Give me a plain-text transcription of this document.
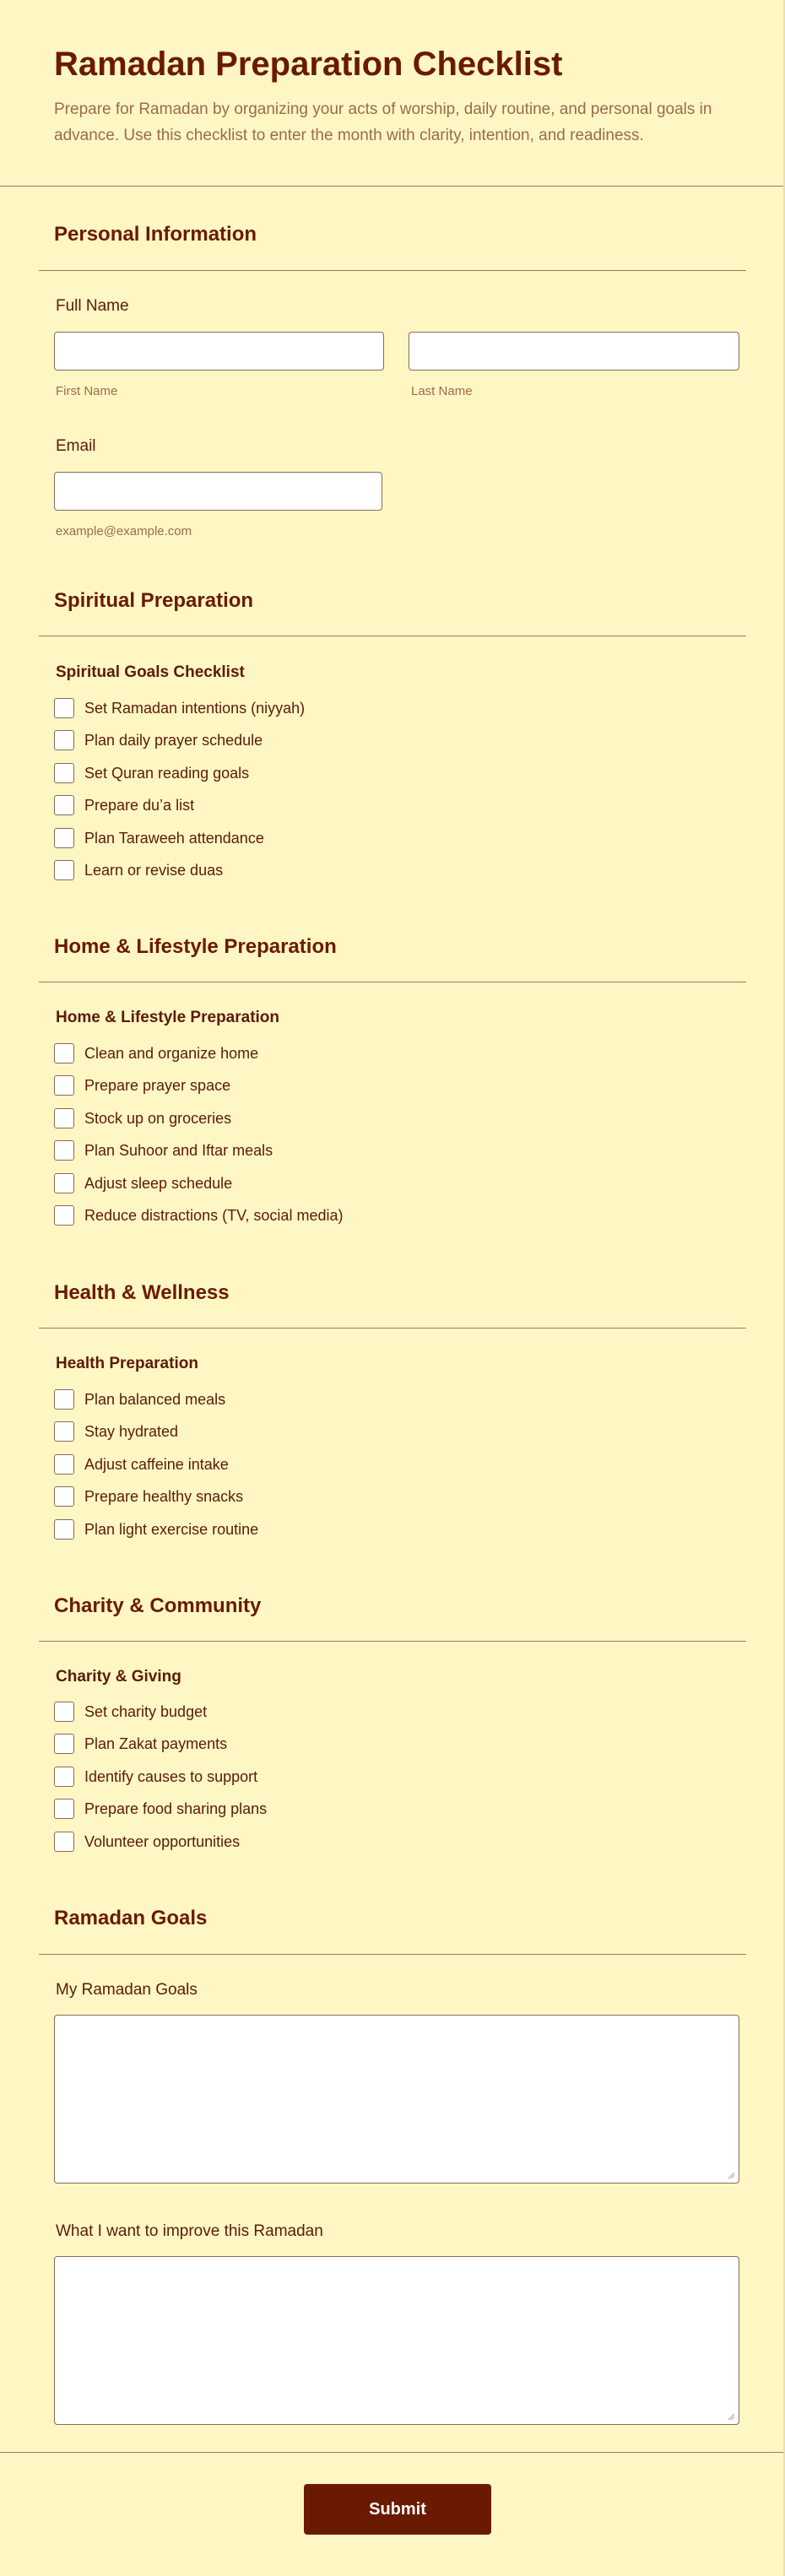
Ramadan Preparation Checklist

Prepare for Ramadan by organizing your acts of worship, daily routine, and personal goals in advance. Use this checklist to enter the month with clarity, intention, and readiness.

Personal Information
Full Name
First Name	Last Name
Email
example@example.com
Spiritual Preparation
Spiritual Goals Checklist
Set Ramadan intentions (niyyah)
Plan daily prayer schedule
Set Quran reading goals
Prepare du’a list
Plan Taraweeh attendance
Learn or revise duas
Home & Lifestyle Preparation
Home & Lifestyle Preparation
Clean and organize home
Prepare prayer space
Stock up on groceries
Plan Suhoor and Iftar meals
Adjust sleep schedule
Reduce distractions (TV, social media)
Health & Wellness
Health Preparation
Plan balanced meals
Stay hydrated
Adjust caffeine intake
Prepare healthy snacks
Plan light exercise routine
Charity & Community
Charity & Giving
Set charity budget
Plan Zakat payments
Identify causes to support
Prepare food sharing plans
Volunteer opportunities
Ramadan Goals
My Ramadan Goals
What I want to improve this Ramadan
Submit
